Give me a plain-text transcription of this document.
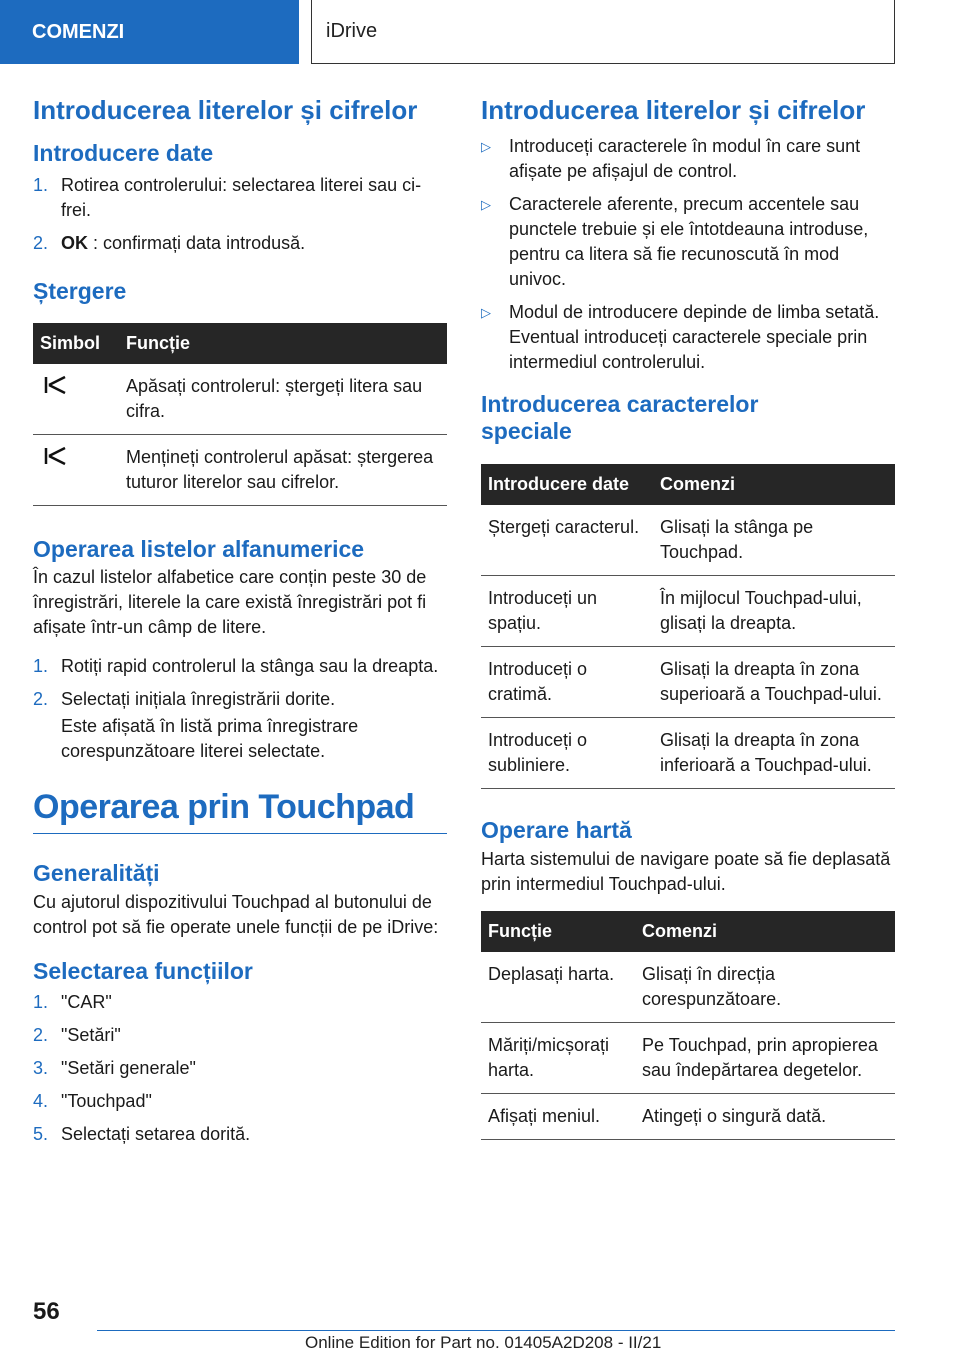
COMENZI	iDrive
Introducerea literelor și cifrelor
Introducere date
1. Rotirea controlerului: selectarea literei sau ci-frei.
2. OK : confirmați data introdusă.
Ștergere
Simbol	Funcție
	Apăsați controlerul: ștergeți litera sau cifra.
	Mențineți controlerul apăsat: ștergerea tuturor literelor sau cifrelor.
Operarea listelor alfanumerice

În cazul listelor alfabetice care conțin peste 30 de înregistrări, literele la care există înregistrări pot fi afișate într-un câmp de litere.

1. Rotiți rapid controlerul la stânga sau la dreapta.
2. Selectați inițiala înregistrării dorite.
Este afișată în listă prima înregistrare corespunzătoare literei selectate.
Operarea prin Touchpad
Generalități

Cu ajutorul dispozitivului Touchpad al butonului de control pot să fie operate unele funcții de pe iDrive:

Selectarea funcțiilor
1. "CAR"
2. "Setări"
3. "Setări generale"
4. "Touchpad"
5. Selectați setarea dorită.
Introducerea literelor și cifrelor
▷	Introduceți caracterele în modul în care sunt afișate pe afișajul de control.
▷	Caracterele aferente, precum accentele sau punctele trebuie și ele întotdeauna introduse, pentru ca litera să fie recunoscută în mod univoc.
▷	Modul de introducere depinde de limba setată. Eventual introduceți caracterele speciale prin intermediul controlerului.
Introducerea caracterelor speciale
Introducere date	Comenzi
Ștergeți caracterul.	Glisați la stânga pe Touchpad.
Introduceți un spațiu.	În mijlocul Touchpad-ului, glisați la dreapta.
Introduceți o cratimă.	Glisați la dreapta în zona superioară a Touchpad-ului.
Introduceți o subliniere.	Glisați la dreapta în zona inferioară a Touchpad-ului.
Operare hartă

Harta sistemului de navigare poate să fie deplasată prin intermediul Touchpad-ului.

Funcție	Comenzi
Deplasați harta.	Glisați în direcția corespunzătoare.
Măriți/micșorați harta.	Pe Touchpad, prin apropierea sau îndepărtarea degetelor.
Afișați meniul.	Atingeți o singură dată.
56
Online Edition for Part no. 01405A2D208 - II/21
